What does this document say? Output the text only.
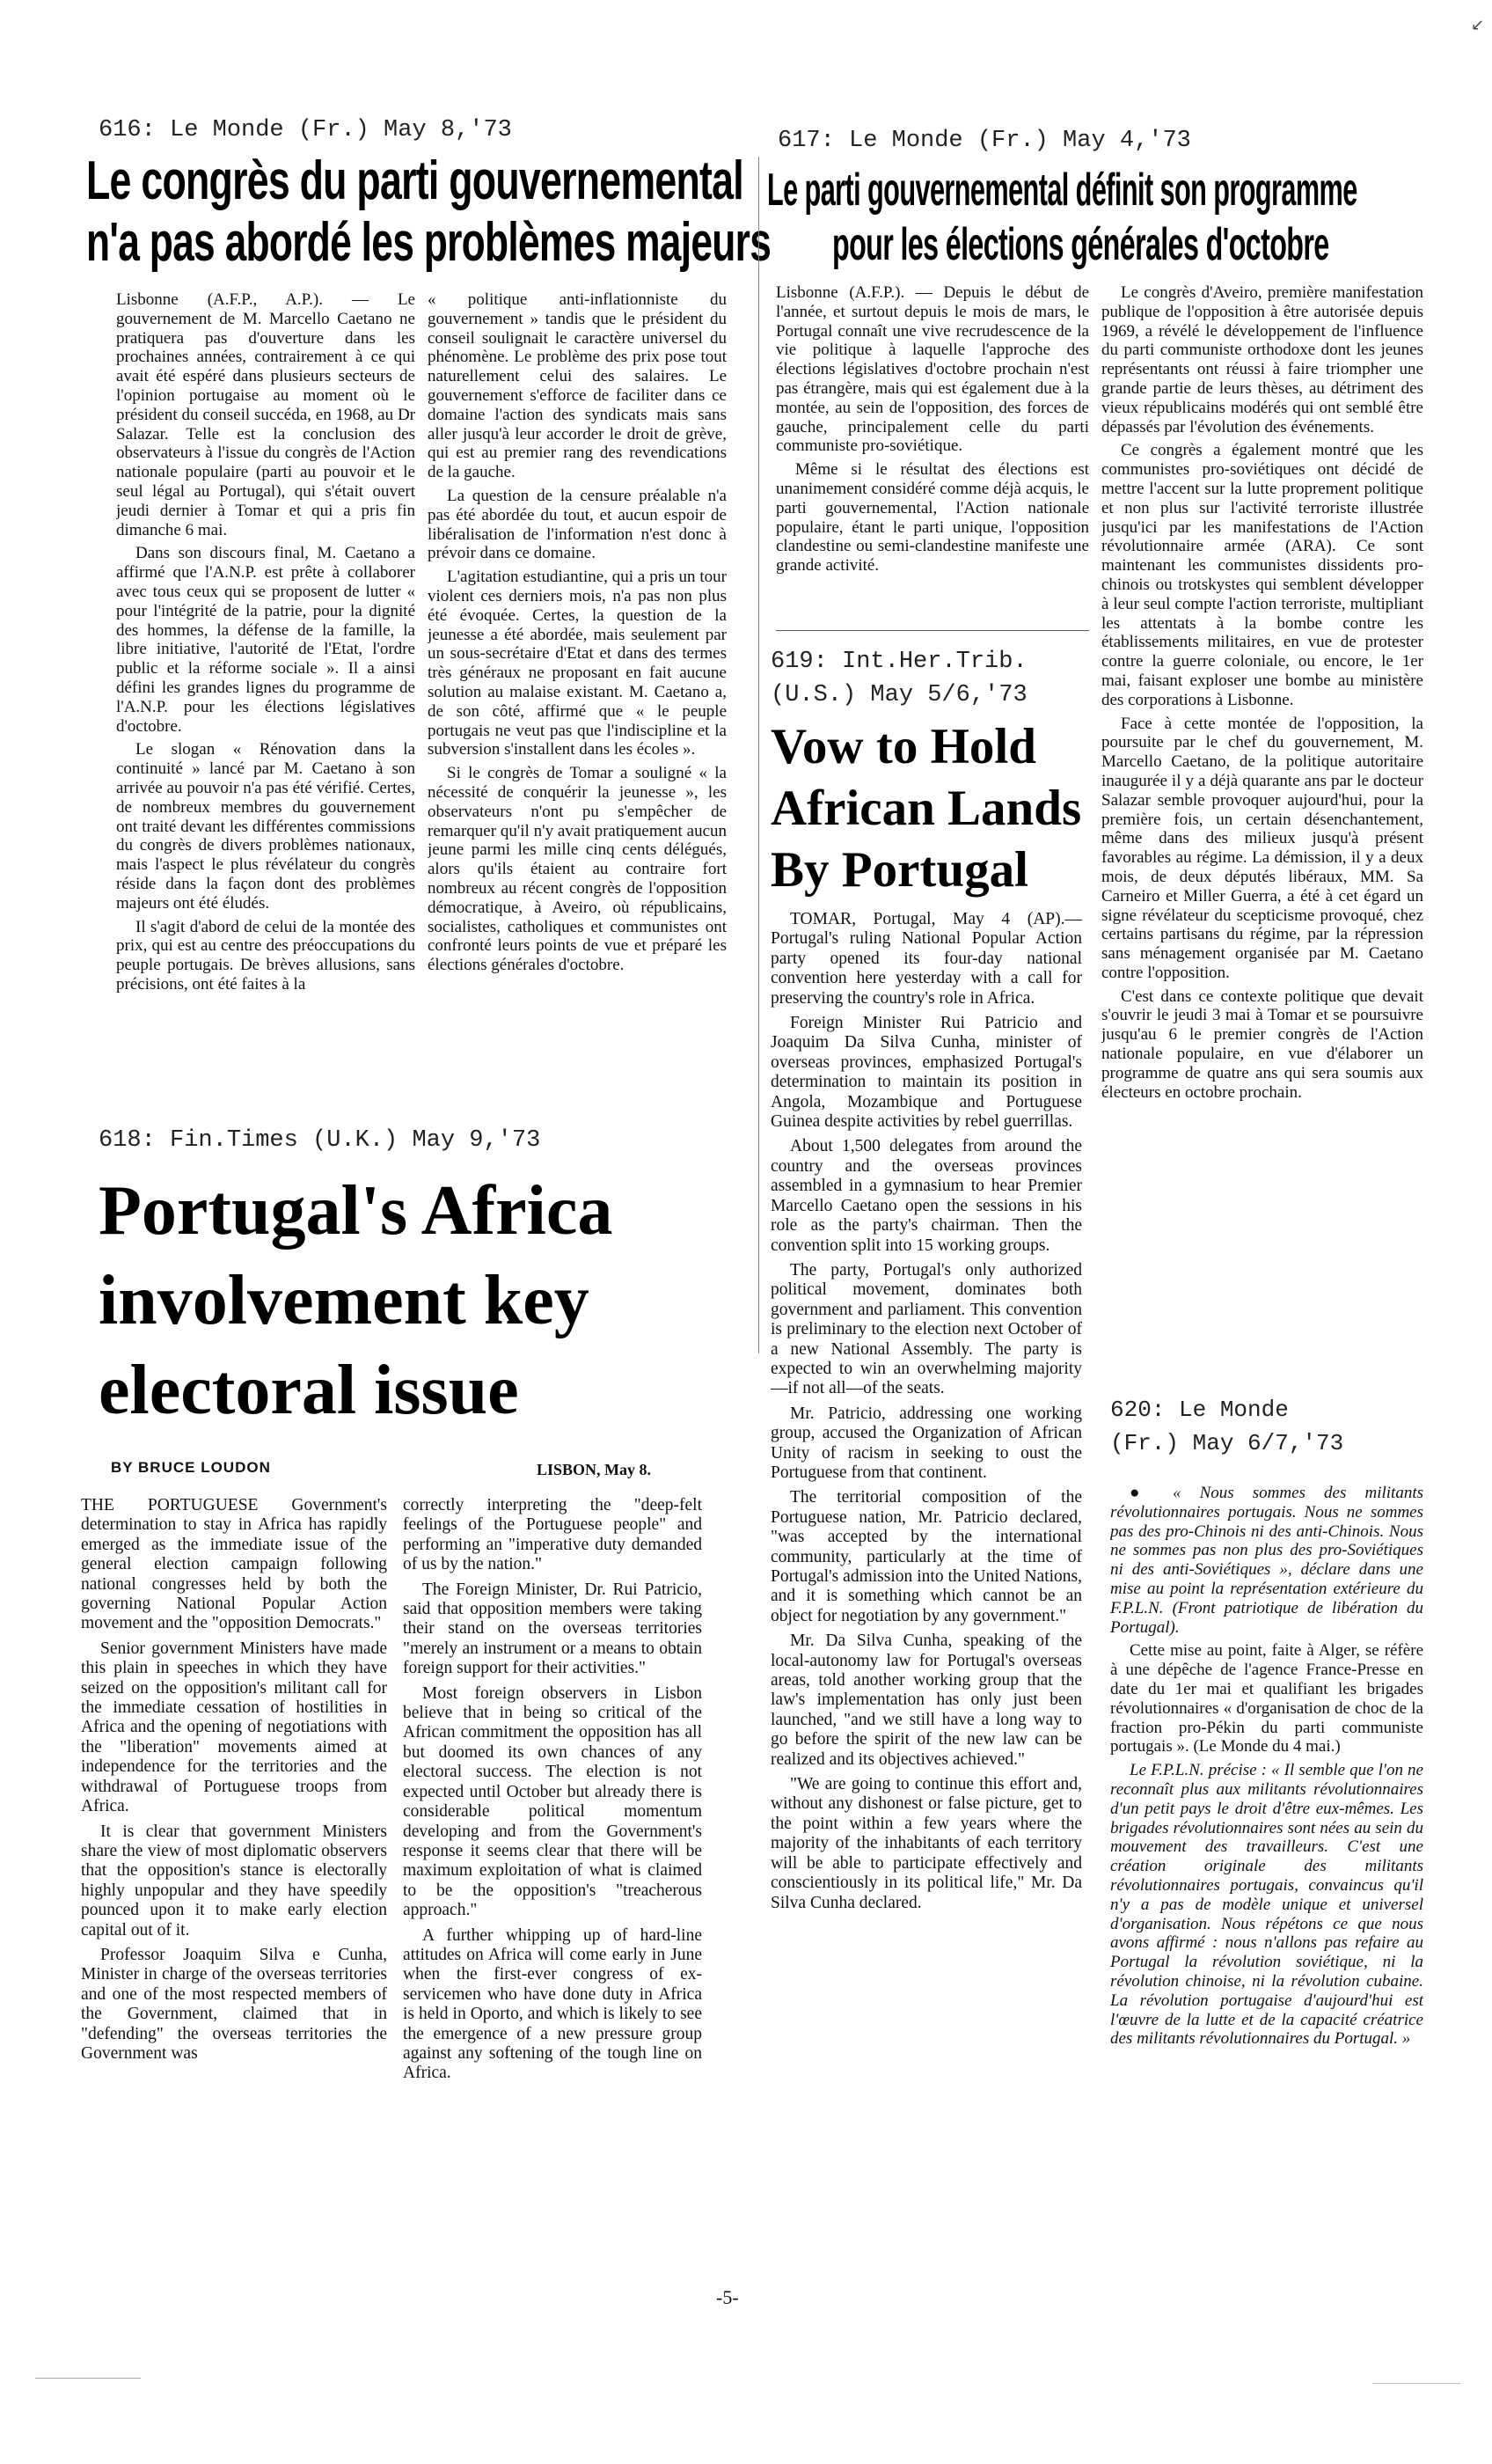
↙
616: Le Monde (Fr.) May 8,'73
Le congrès du parti gouvernemental
n'a pas abordé les problèmes majeurs

Lisbonne (A.F.P., A.P.). — Le gouvernement de M. Marcello Caetano ne pratiquera pas d'ouverture dans les prochaines années, contrairement à ce qui avait été espéré dans plusieurs secteurs de l'opinion portugaise au moment où le président du conseil succéda, en 1968, au Dr Salazar. Telle est la conclusion des observateurs à l'issue du congrès de l'Action nationale populaire (parti au pouvoir et le seul légal au Portugal), qui s'était ouvert jeudi dernier à Tomar et qui a pris fin dimanche 6 mai.

Dans son discours final, M. Caetano a affirmé que l'A.N.P. est prête à collaborer avec tous ceux qui se proposent de lutter « pour l'intégrité de la patrie, pour la dignité des hommes, la défense de la famille, la libre initiative, l'autorité de l'Etat, l'ordre public et la réforme sociale ». Il a ainsi défini les grandes lignes du programme de l'A.N.P. pour les élections législatives d'octobre.

Le slogan « Rénovation dans la continuité » lancé par M. Caetano à son arrivée au pouvoir n'a pas été vérifié. Certes, de nombreux membres du gouvernement ont traité devant les différentes commissions du congrès de divers problèmes nationaux, mais l'aspect le plus révélateur du congrès réside dans la façon dont des problèmes majeurs ont été éludés.

Il s'agit d'abord de celui de la montée des prix, qui est au centre des préoccupations du peuple portugais. De brèves allusions, sans précisions, ont été faites à la

« politique anti-inflationniste du gouvernement » tandis que le président du conseil soulignait le caractère universel du phénomène. Le problème des prix pose tout naturellement celui des salaires. Le gouvernement s'efforce de faciliter dans ce domaine l'action des syndicats mais sans aller jusqu'à leur accorder le droit de grève, qui est au premier rang des revendications de la gauche.

La question de la censure préalable n'a pas été abordée du tout, et aucun espoir de libéralisation de l'information n'est donc à prévoir dans ce domaine.

L'agitation estudiantine, qui a pris un tour violent ces derniers mois, n'a pas non plus été évoquée. Certes, la question de la jeunesse a été abordée, mais seulement par un sous-secrétaire d'Etat et dans des termes très généraux ne proposant en fait aucune solution au malaise existant. M. Caetano a, de son côté, affirmé que « le peuple portugais ne veut pas que l'indiscipline et la subversion s'installent dans les écoles ».

Si le congrès de Tomar a souligné « la nécessité de conquérir la jeunesse », les observateurs n'ont pu s'empêcher de remarquer qu'il n'y avait pratiquement aucun jeune parmi les mille cinq cents délégués, alors qu'ils étaient au contraire fort nombreux au récent congrès de l'opposition démocratique, à Aveiro, où républicains, socialistes, catholiques et communistes ont confronté leurs points de vue et préparé les élections générales d'octobre.

617: Le Monde (Fr.) May 4,'73
Le parti gouvernemental définit son programme
pour les élections générales d'octobre

Lisbonne (A.F.P.). — Depuis le début de l'année, et surtout depuis le mois de mars, le Portugal connaît une vive recrudescence de la vie politique à laquelle l'approche des élections législatives d'octobre prochain n'est pas étrangère, mais qui est également due à la montée, au sein de l'opposition, des forces de gauche, principalement celle du parti communiste pro-soviétique.

Même si le résultat des élections est unanimement considéré comme déjà acquis, le parti gouvernemental, l'Action nationale populaire, étant le parti unique, l'opposition clandestine ou semi-clandestine manifeste une grande activité.

Le congrès d'Aveiro, première manifestation publique de l'opposition à être autorisée depuis 1969, a révélé le développement de l'influence du parti communiste orthodoxe dont les jeunes représentants ont réussi à faire triompher une grande partie de leurs thèses, au détriment des vieux républicains modérés qui ont semblé être dépassés par l'évolution des événements.

Ce congrès a également montré que les communistes pro-soviétiques ont décidé de mettre l'accent sur la lutte proprement politique et non plus sur l'activité terroriste illustrée jusqu'ici par les manifestations de l'Action révolutionnaire armée (ARA). Ce sont maintenant les communistes dissidents pro-chinois ou trotskystes qui semblent développer à leur seul compte l'action terroriste, multipliant les attentats à la bombe contre les établissements militaires, en vue de protester contre la guerre coloniale, ou encore, le 1er mai, faisant exploser une bombe au ministère des corporations à Lisbonne.

Face à cette montée de l'opposition, la poursuite par le chef du gouvernement, M. Marcello Caetano, de la politique autoritaire inaugurée il y a déjà quarante ans par le docteur Salazar semble provoquer aujourd'hui, pour la première fois, un certain désenchantement, même dans des milieux jusqu'à présent favorables au régime. La démission, il y a deux mois, de deux députés libéraux, MM. Sa Carneiro et Miller Guerra, a été à cet égard un signe révélateur du scepticisme provoqué, chez certains partisans du régime, par la répression sans ménagement organisée par M. Caetano contre l'opposition.

C'est dans ce contexte politique que devait s'ouvrir le jeudi 3 mai à Tomar et se poursuivre jusqu'au 6 le premier congrès de l'Action nationale populaire, en vue d'élaborer un programme de quatre ans qui sera soumis aux électeurs en octobre prochain.

619: Int.Her.Trib.
(U.S.) May 5/6,'73
Vow to Hold
African Lands
By Portugal

TOMAR, Portugal, May 4 (AP).—Portugal's ruling National Popular Action party opened its four-day national convention here yesterday with a call for preserving the country's role in Africa.

Foreign Minister Rui Patricio and Joaquim Da Silva Cunha, minister of overseas provinces, emphasized Portugal's determination to maintain its position in Angola, Mozambique and Portuguese Guinea despite activities by rebel guerrillas.

About 1,500 delegates from around the country and the overseas provinces assembled in a gymnasium to hear Premier Marcello Caetano open the sessions in his role as the party's chairman. Then the convention split into 15 working groups.

The party, Portugal's only authorized political movement, dominates both government and parliament. This convention is preliminary to the election next October of a new National Assembly. The party is expected to win an overwhelming majority—if not all—of the seats.

Mr. Patricio, addressing one working group, accused the Organization of African Unity of racism in seeking to oust the Portuguese from that continent.

The territorial composition of the Portuguese nation, Mr. Patricio declared, "was accepted by the international community, particularly at the time of Portugal's admission into the United Nations, and it is something which cannot be an object for negotiation by any government."

Mr. Da Silva Cunha, speaking of the local-autonomy law for Portugal's overseas areas, told another working group that the law's implementation has only just been launched, "and we still have a long way to go before the spirit of the new law can be realized and its objectives achieved."

"We are going to continue this effort and, without any dishonest or false picture, get to the point within a few years where the majority of the inhabitants of each territory will be able to participate effectively and conscientiously in its political life," Mr. Da Silva Cunha declared.

620: Le Monde
(Fr.) May 6/7,'73

● « Nous sommes des militants révolutionnaires portugais. Nous ne sommes pas des pro-Chinois ni des anti-Chinois. Nous ne sommes pas non plus des pro-Soviétiques ni des anti-Soviétiques », déclare dans une mise au point la représentation extérieure du F.P.L.N. (Front patriotique de libération du Portugal).

Cette mise au point, faite à Alger, se réfère à une dépêche de l'agence France-Presse en date du 1er mai et qualifiant les brigades révolutionnaires « d'organisation de choc de la fraction pro-Pékin du parti communiste portugais ». (Le Monde du 4 mai.)

Le F.P.L.N. précise : « Il semble que l'on ne reconnaît plus aux militants révolutionnaires d'un petit pays le droit d'être eux-mêmes. Les brigades révolutionnaires sont nées au sein du mouvement des travailleurs. C'est une création originale des militants révolutionnaires portugais, convaincus qu'il n'y a pas de modèle unique et universel d'organisation. Nous répétons ce que nous avons affirmé : nous n'allons pas refaire au Portugal la révolution soviétique, ni la révolution chinoise, ni la révolution cubaine. La révolution portugaise d'aujourd'hui est l'œuvre de la lutte et de la capacité créatrice des militants révolutionnaires du Portugal. »

618: Fin.Times (U.K.) May 9,'73
Portugal's Africa
involvement key
electoral issue
BY BRUCE LOUDON	LISBON, May 8.

THE PORTUGUESE Government's determination to stay in Africa has rapidly emerged as the immediate issue of the general election campaign following national congresses held by both the governing National Popular Action movement and the "opposition Democrats."

Senior government Ministers have made this plain in speeches in which they have seized on the opposition's militant call for the immediate cessation of hostilities in Africa and the opening of negotiations with the "liberation" movements aimed at independence for the territories and the withdrawal of Portuguese troops from Africa.

It is clear that government Ministers share the view of most diplomatic observers that the opposition's stance is electorally highly unpopular and they have speedily pounced upon it to make early election capital out of it.

Professor Joaquim Silva e Cunha, Minister in charge of the overseas territories and one of the most respected members of the Government, claimed that in "defending" the overseas territories the Government was

correctly interpreting the "deep-felt feelings of the Portuguese people" and performing an "imperative duty demanded of us by the nation."

The Foreign Minister, Dr. Rui Patricio, said that opposition members were taking their stand on the overseas territories "merely an instrument or a means to obtain foreign support for their activities."

Most foreign observers in Lisbon believe that in being so critical of the African commitment the opposition has all but doomed its own chances of any electoral success. The election is not expected until October but already there is considerable political momentum developing and from the Government's response it seems clear that there will be maximum exploitation of what is claimed to be the opposition's "treacherous approach."

A further whipping up of hard-line attitudes on Africa will come early in June when the first-ever congress of ex-servicemen who have done duty in Africa is held in Oporto, and which is likely to see the emergence of a new pressure group against any softening of the tough line on Africa.

-5-
